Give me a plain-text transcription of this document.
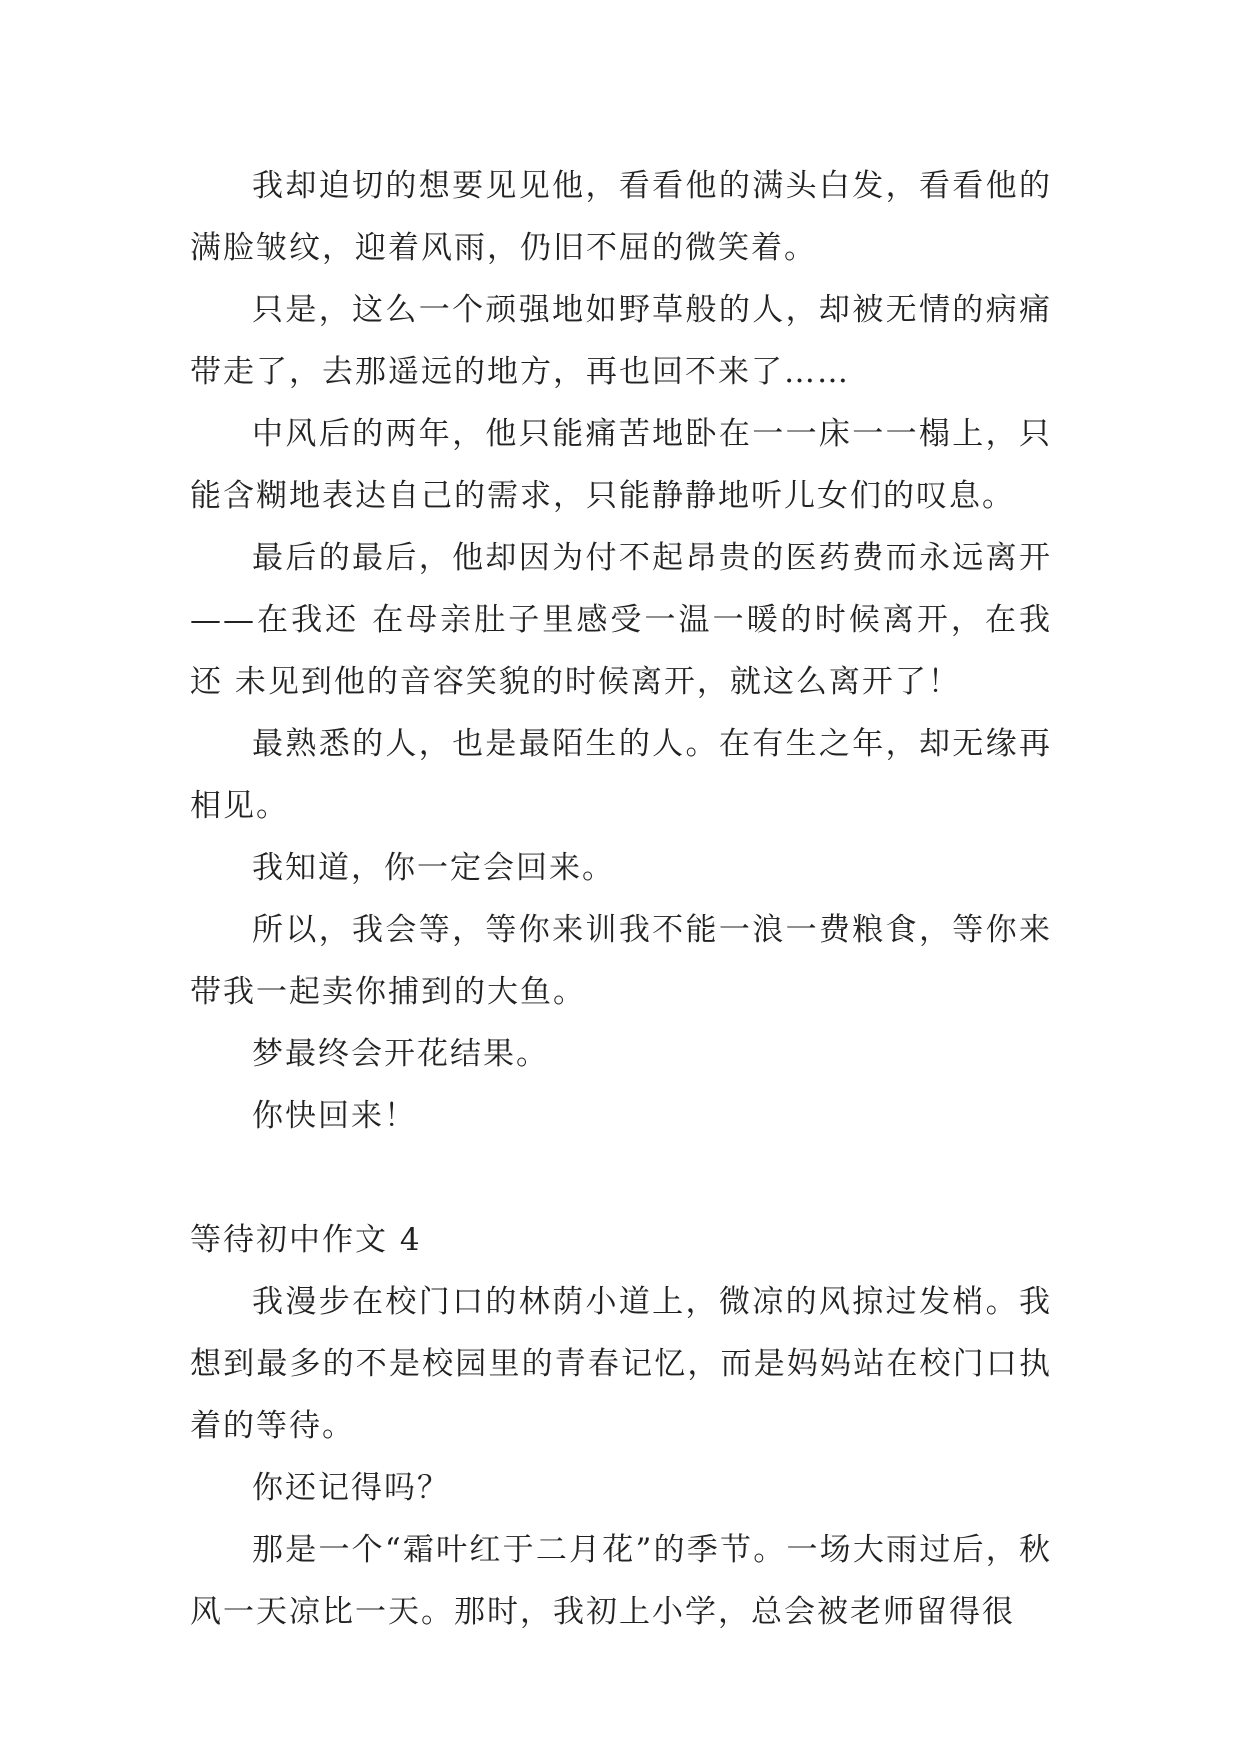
我却迫切的想要见见他，看看他的满头白发，看看他的满脸皱纹，迎着风雨，仍旧不屈的微笑着。

只是，这么一个顽强地如野草般的人，却被无情的病痛带走了，去那遥远的地方，再也回不来了……

中风后的两年，他只能痛苦地卧在一一床一一榻上，只能含糊地表达自己的需求，只能静静地听儿女们的叹息。

最后的最后，他却因为付不起昂贵的医药费而永远离开——在我还 在母亲肚子里感受一温一暖的时候离开，在我还 未见到他的音容笑貌的时候离开，就这么离开了！

最熟悉的人，也是最陌生的人。在有生之年，却无缘再相见。

我知道，你一定会回来。

所以，我会等，等你来训我不能一浪一费粮食，等你来带我一起卖你捕到的大鱼。

梦最终会开花结果。

你快回来！

等待初中作文 4

我漫步在校门口的林荫小道上，微凉的风掠过发梢。我想到最多的不是校园里的青春记忆，而是妈妈站在校门口执着的等待。

你还记得吗？

那是一个“霜叶红于二月花”的季节。一场大雨过后，秋风一天凉比一天。那时，我初上小学，总会被老师留得很
